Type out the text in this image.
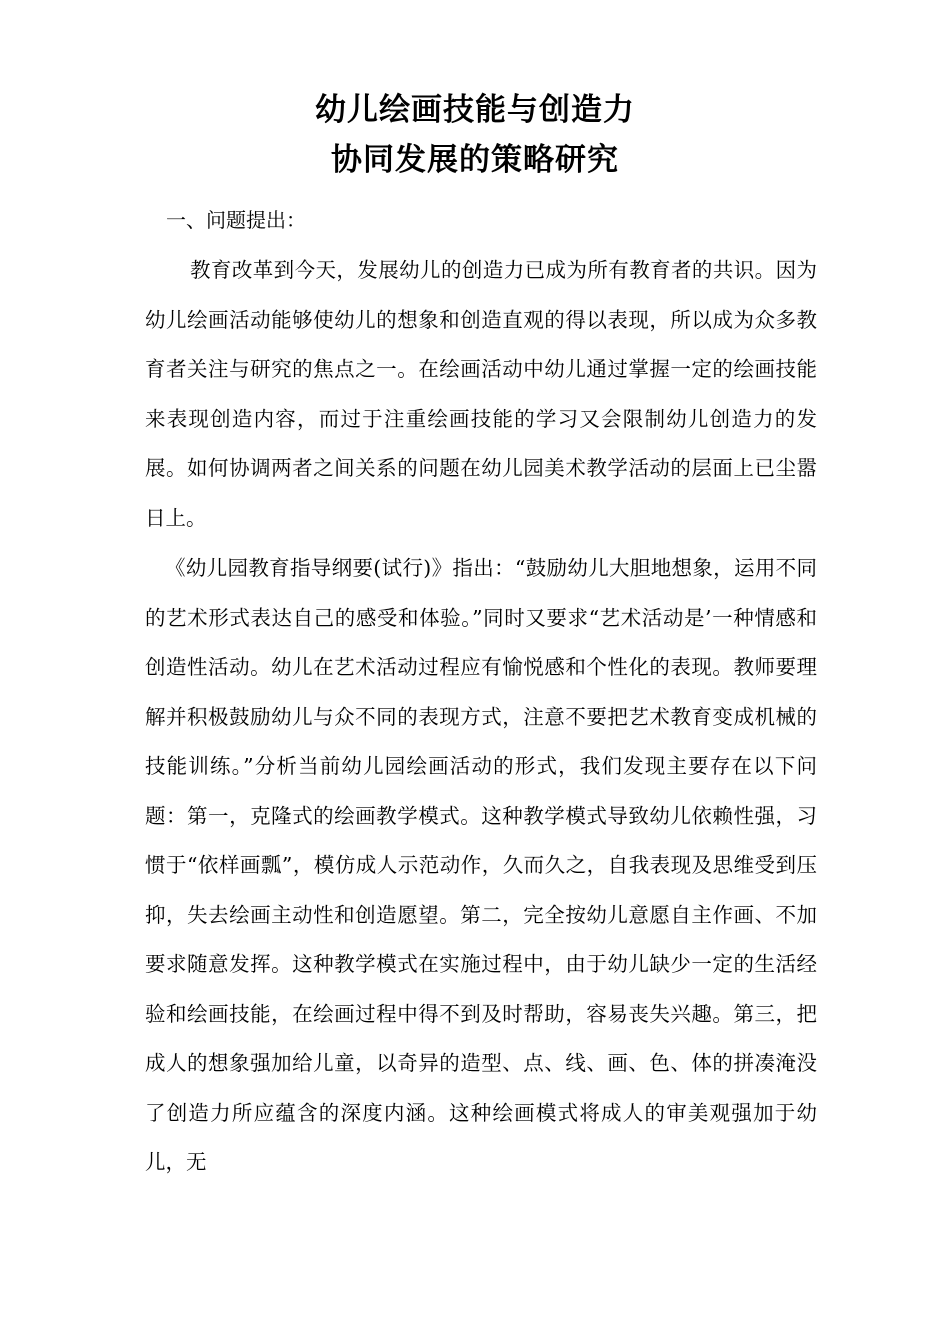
幼儿绘画技能与创造力
协同发展的策略研究
一、问题提出：

教育改革到今天，发展幼儿的创造力已成为所有教育者的共识。因为幼儿绘画活动能够使幼儿的想象和创造直观的得以表现，所以成为众多教育者关注与研究的焦点之一。在绘画活动中幼儿通过掌握一定的绘画技能来表现创造内容，而过于注重绘画技能的学习又会限制幼儿创造力的发展。如何协调两者之间关系的问题在幼儿园美术教学活动的层面上已尘嚣日上。

《幼儿园教育指导纲要(试行)》指出：“鼓励幼儿大胆地想象，运用不同的艺术形式表达自己的感受和体验。”同时又要求“艺术活动是’一种情感和创造性活动。幼儿在艺术活动过程应有愉悦感和个性化的表现。教师要理解并积极鼓励幼儿与众不同的表现方式，注意不要把艺术教育变成机械的技能训练。”分析当前幼儿园绘画活动的形式，我们发现主要存在以下问题：第一，克隆式的绘画教学模式。这种教学模式导致幼儿依赖性强，习惯于“依样画瓢”，模仿成人示范动作，久而久之，自我表现及思维受到压抑，失去绘画主动性和创造愿望。第二，完全按幼儿意愿自主作画、不加要求随意发挥。这种教学模式在实施过程中，由于幼儿缺少一定的生活经验和绘画技能，在绘画过程中得不到及时帮助，容易丧失兴趣。第三，把成人的想象强加给儿童，以奇异的造型、点、线、画、色、体的拼凑淹没了创造力所应蕴含的深度内涵。这种绘画模式将成人的审美观强加于幼儿，无
